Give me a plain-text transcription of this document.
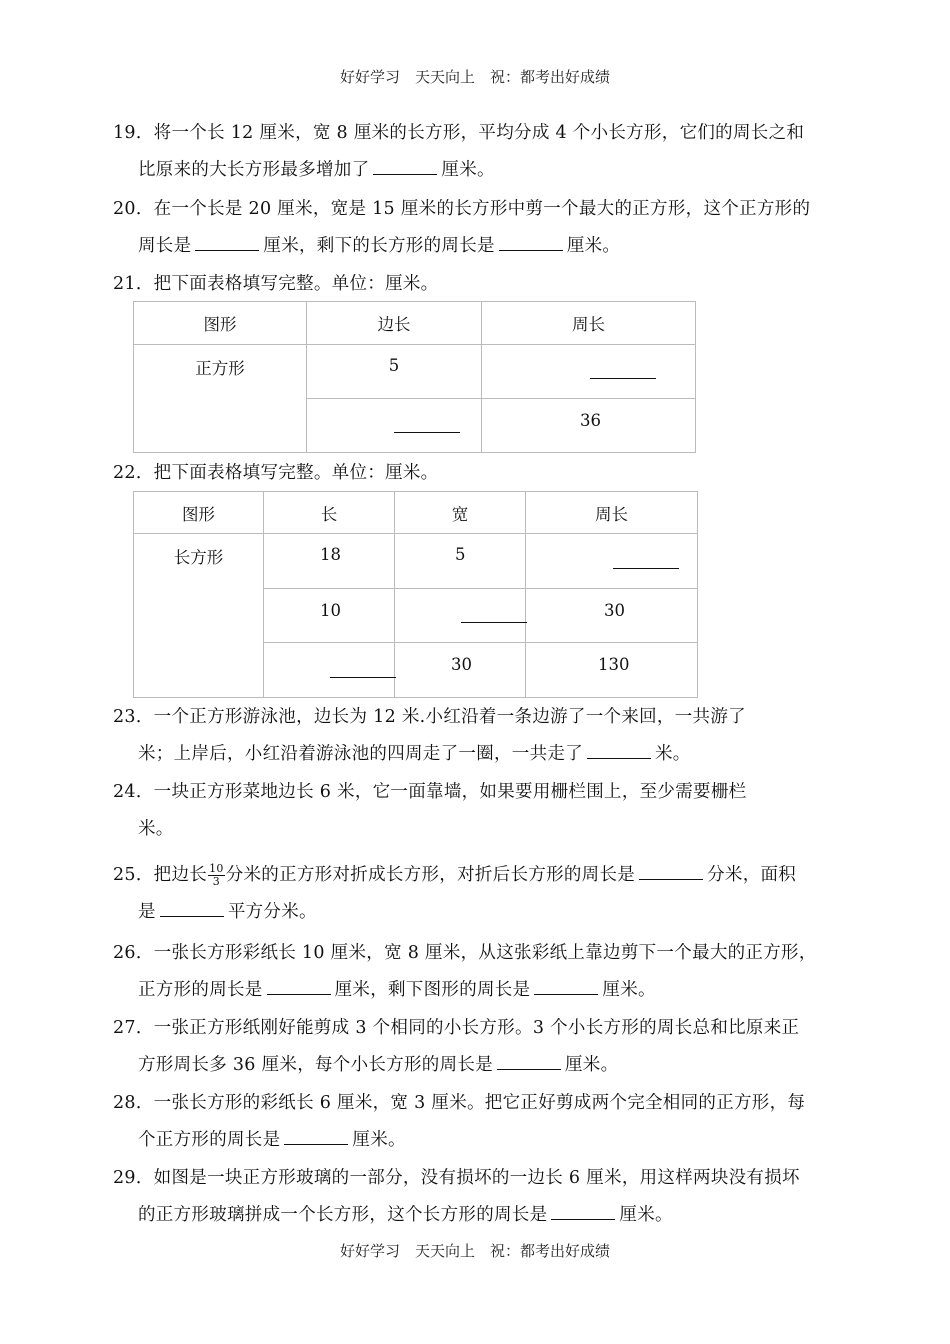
好好学习　天天向上　祝：都考出好成绩
19．将一个长 12 厘米，宽 8 厘米的长方形，平均分成 4 个小长方形，它们的周长之和
比原来的大长方形最多增加了	厘米。
20．在一个长是 20 厘米，宽是 15 厘米的长方形中剪一个最大的正方形，这个正方形的
周长是	厘米，剩下的长方形的周长是	厘米。
21．把下面表格填写完整。单位：厘米。
图形	边长	周长
正方形	5	

		36
22．把下面表格填写完整。单位：厘米。
图形	长	宽	周长
长方形	18	5	

	10		30

		30	130
23．一个正方形游泳池，边长为 12 米.小红沿着一条边游了一个来回，一共游了
米；上岸后，小红沿着游泳池的四周走了一圈，一共走了	米。
24．一块正方形菜地边长 6 米，它一面靠墙，如果要用栅栏围上，至少需要栅栏
米。
25．把边长 $\frac{10}{3}$ 分米的正方形对折成长方形，对折后长方形的周长是	分米，面积
是	平方分米。
26．一张长方形彩纸长 10 厘米，宽 8 厘米，从这张彩纸上靠边剪下一个最大的正方形，
正方形的周长是	厘米，剩下图形的周长是	厘米。
27．一张正方形纸刚好能剪成 3 个相同的小长方形。3 个小长方形的周长总和比原来正
方形周长多 36 厘米，每个小长方形的周长是	厘米。
28．一张长方形的彩纸长 6 厘米，宽 3 厘米。把它正好剪成两个完全相同的正方形，每
个正方形的周长是	厘米。
29．如图是一块正方形玻璃的一部分，没有损坏的一边长 6 厘米，用这样两块没有损坏
的正方形玻璃拼成一个长方形，这个长方形的周长是	厘米。
好好学习　天天向上　祝：都考出好成绩
